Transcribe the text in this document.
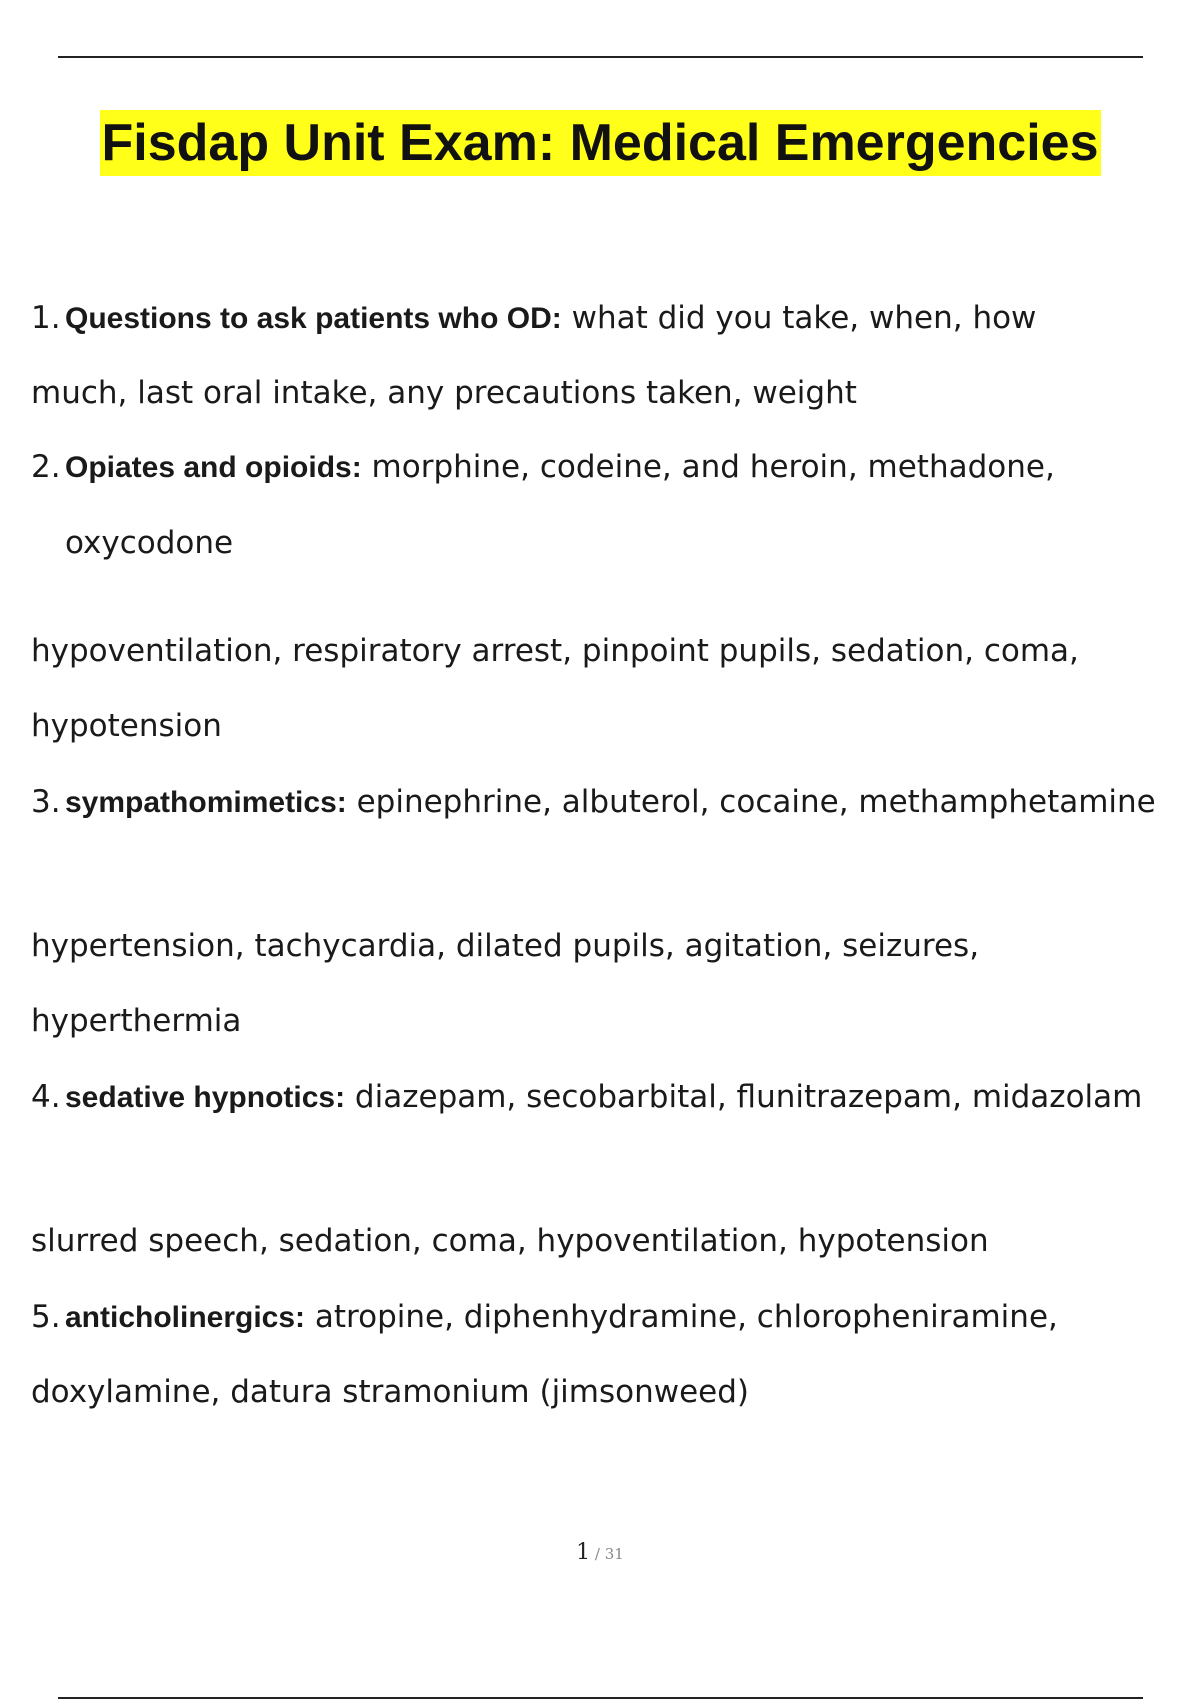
Fisdap Unit Exam: Medical Emergencies
1. Questions to ask patients who OD: what did you take, when, how
much, last oral intake, any precautions taken, weight
2. Opiates and opioids: morphine, codeine, and heroin, methadone,
oxycodone
hypoventilation, respiratory arrest, pinpoint pupils, sedation, coma,
hypotension
3. sympathomimetics: epinephrine, albuterol, cocaine, methamphetamine
hypertension, tachycardia, dilated pupils, agitation, seizures,
hyperthermia
4. sedative hypnotics: diazepam, secobarbital, flunitrazepam, midazolam
slurred speech, sedation, coma, hypoventilation, hypotension
5. anticholinergics: atropine, diphenhydramine, chloropheniramine,
doxylamine, datura stramonium (jimsonweed)
1 / 31
